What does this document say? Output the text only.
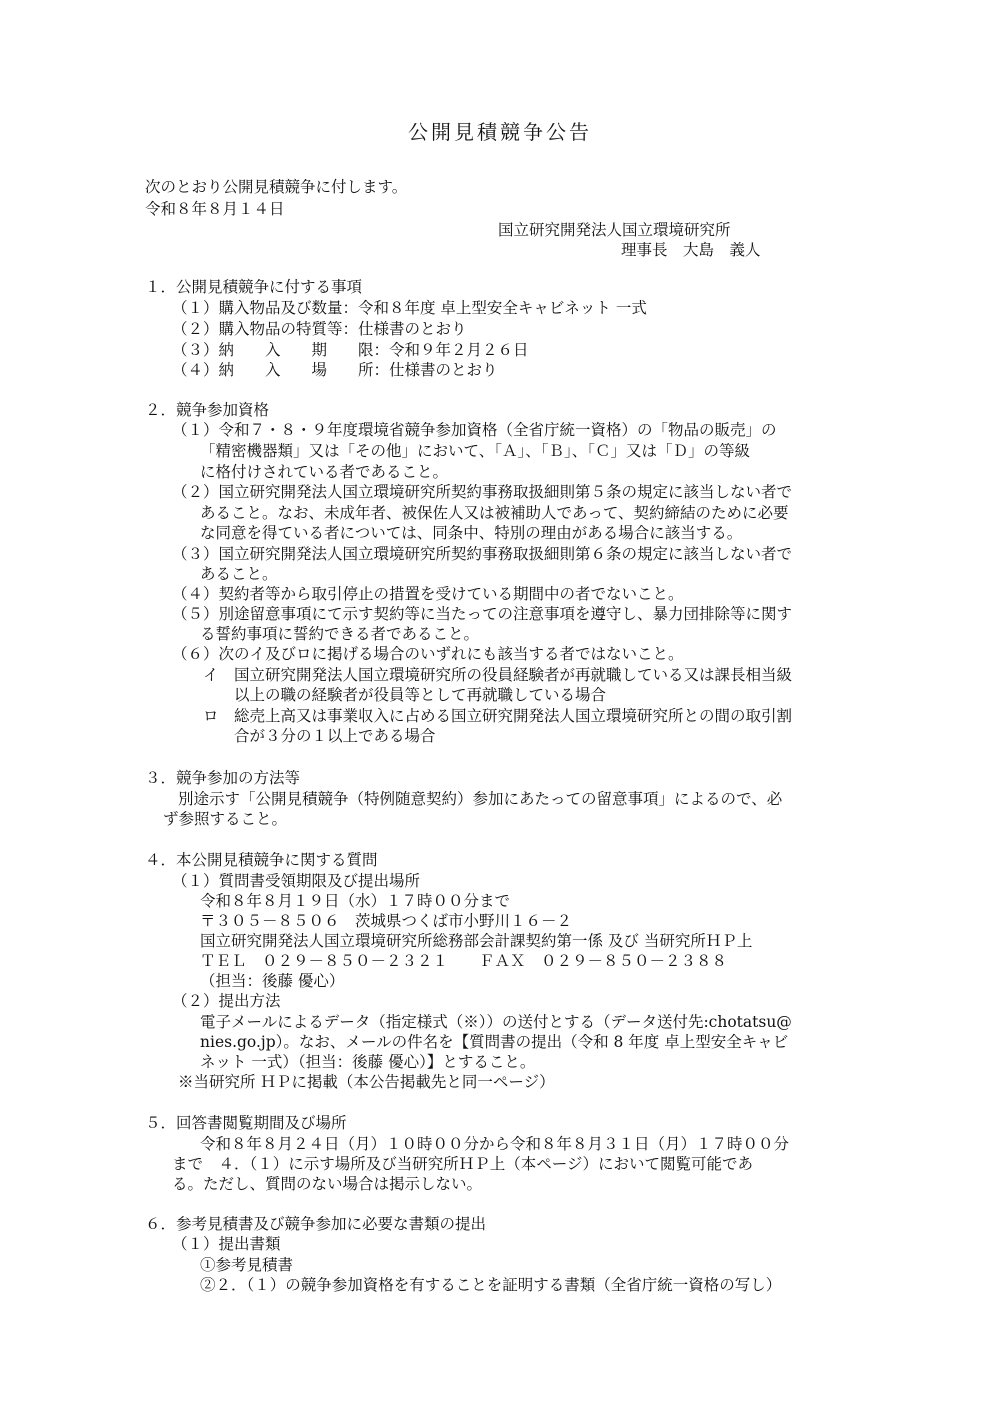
公開見積競争公告
次のとおり公開見積競争に付します。
令和８年８月１４日
国立研究開発法人国立環境研究所
理事長　大島　義人
１．公開見積競争に付する事項
（１）購入物品及び数量：令和８年度 卓上型安全キャビネット 一式
（２）購入物品の特質等：仕様書のとおり
（３）納　　入　　期　　限：令和９年２月２６日
（４）納　　入　　場　　所：仕様書のとおり
２．競争参加資格
（１）令和７・８・９年度環境省競争参加資格（全省庁統一資格）の「物品の販売」の
「精密機器類」又は「その他」において、「Ａ」、「Ｂ」、「Ｃ」又は「Ｄ」の等級
に格付けされている者であること。
（２）国立研究開発法人国立環境研究所契約事務取扱細則第５条の規定に該当しない者で
あること。なお、未成年者、被保佐人又は被補助人であって、契約締結のために必要
な同意を得ている者については、同条中、特別の理由がある場合に該当する。
（３）国立研究開発法人国立環境研究所契約事務取扱細則第６条の規定に該当しない者で
あること。
（４）契約者等から取引停止の措置を受けている期間中の者でないこと。
（５）別途留意事項にて示す契約等に当たっての注意事項を遵守し、暴力団排除等に関す
る誓約事項に誓約できる者であること。
（６）次のイ及びロに掲げる場合のいずれにも該当する者ではないこと。
イ　国立研究開発法人国立環境研究所の役員経験者が再就職している又は課長相当級
以上の職の経験者が役員等として再就職している場合
ロ　総売上高又は事業収入に占める国立研究開発法人国立環境研究所との間の取引割
合が３分の１以上である場合
３．競争参加の方法等
別途示す「公開見積競争（特例随意契約）参加にあたっての留意事項」によるので、必
ず参照すること。
４．本公開見積競争に関する質問
（１）質問書受領期限及び提出場所
令和８年８月１９日（水）１７時００分まで
〒３０５－８５０６　茨城県つくば市小野川１６－２
国立研究開発法人国立環境研究所総務部会計課契約第一係 及び 当研究所ＨＰ上
ＴＥＬ　０２９－８５０－２３２１　　ＦＡＸ　０２９－８５０－２３８８
（担当：後藤 優心）
（２）提出方法
電子メールによるデータ（指定様式（※））の送付とする（データ送付先:chotatsu@
nies.go.jp）。なお、メールの件名を【質問書の提出（令和 8 年度 卓上型安全キャビ
ネット 一式）（担当：後藤 優心）】とすること。
※当研究所 ＨＰに掲載（本公告掲載先と同一ページ）
５．回答書閲覧期間及び場所
令和８年８月２４日（月）１０時００分から令和８年８月３１日（月）１７時００分
まで　４．（１）に示す場所及び当研究所ＨＰ上（本ページ）において閲覧可能であ
る。ただし、質問のない場合は掲示しない。
６．参考見積書及び競争参加に必要な書類の提出
（１）提出書類
①参考見積書
②２．（１）の競争参加資格を有することを証明する書類（全省庁統一資格の写し）
